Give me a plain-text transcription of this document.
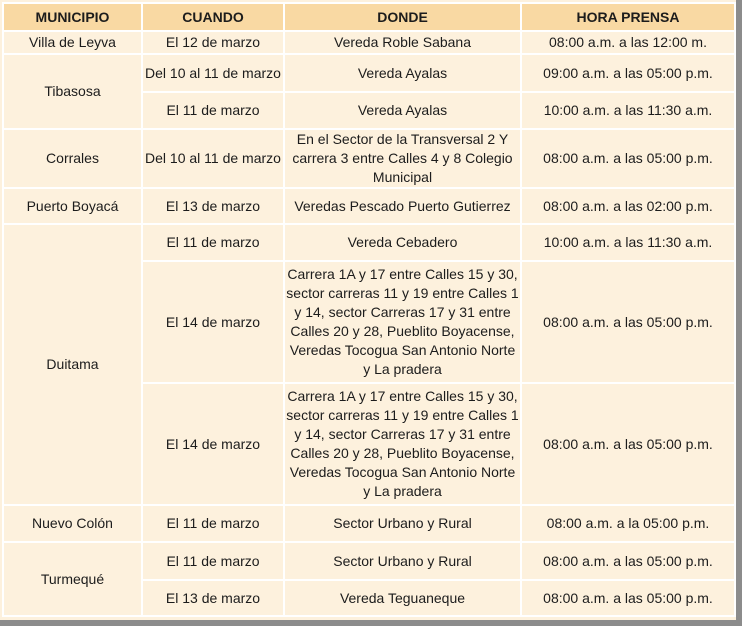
MUNICIPIO	CUANDO	DONDE	HORA PRENSA
Villa de Leyva	El 12 de marzo	Vereda Roble Sabana	08:00 a.m. a las 12:00 m.
Tibasosa	Del 10 al 11 de marzo	Vereda Ayalas	09:00 a.m. a las 05:00 p.m.
	El 11 de marzo	Vereda Ayalas	10:00 a.m. a las 11:30 a.m.
Corrales	Del 10 al 11 de marzo	En el Sector de la Transversal 2 Y carrera 3 entre Calles 4 y 8 Colegio Municipal	08:00 a.m. a las 05:00 p.m.
Puerto Boyacá	El 13 de marzo	Veredas Pescado Puerto Gutierrez	08:00 a.m. a las 02:00 p.m.
Duitama	El 11 de marzo	Vereda Cebadero	10:00 a.m. a las 11:30 a.m.
	El 14 de marzo	Carrera 1A y 17 entre Calles 15 y 30, sector carreras 11 y 19 entre Calles 1 y 14, sector Carreras 17 y 31 entre Calles 20 y 28, Pueblito Boyacense, Veredas Tocogua San Antonio Norte y La pradera	08:00 a.m. a las 05:00 p.m.
	El 14 de marzo	Carrera 1A y 17 entre Calles 15 y 30, sector carreras 11 y 19 entre Calles 1 y 14, sector Carreras 17 y 31 entre Calles 20 y 28, Pueblito Boyacense, Veredas Tocogua San Antonio Norte y La pradera	08:00 a.m. a las 05:00 p.m.
Nuevo Colón	El 11 de marzo	Sector Urbano y Rural	08:00 a.m. a la 05:00 p.m.
Turmequé	El 11 de marzo	Sector Urbano y Rural	08:00 a.m. a las 05:00 p.m.
	El 13 de marzo	Vereda Teguaneque	08:00 a.m. a las 05:00 p.m.
